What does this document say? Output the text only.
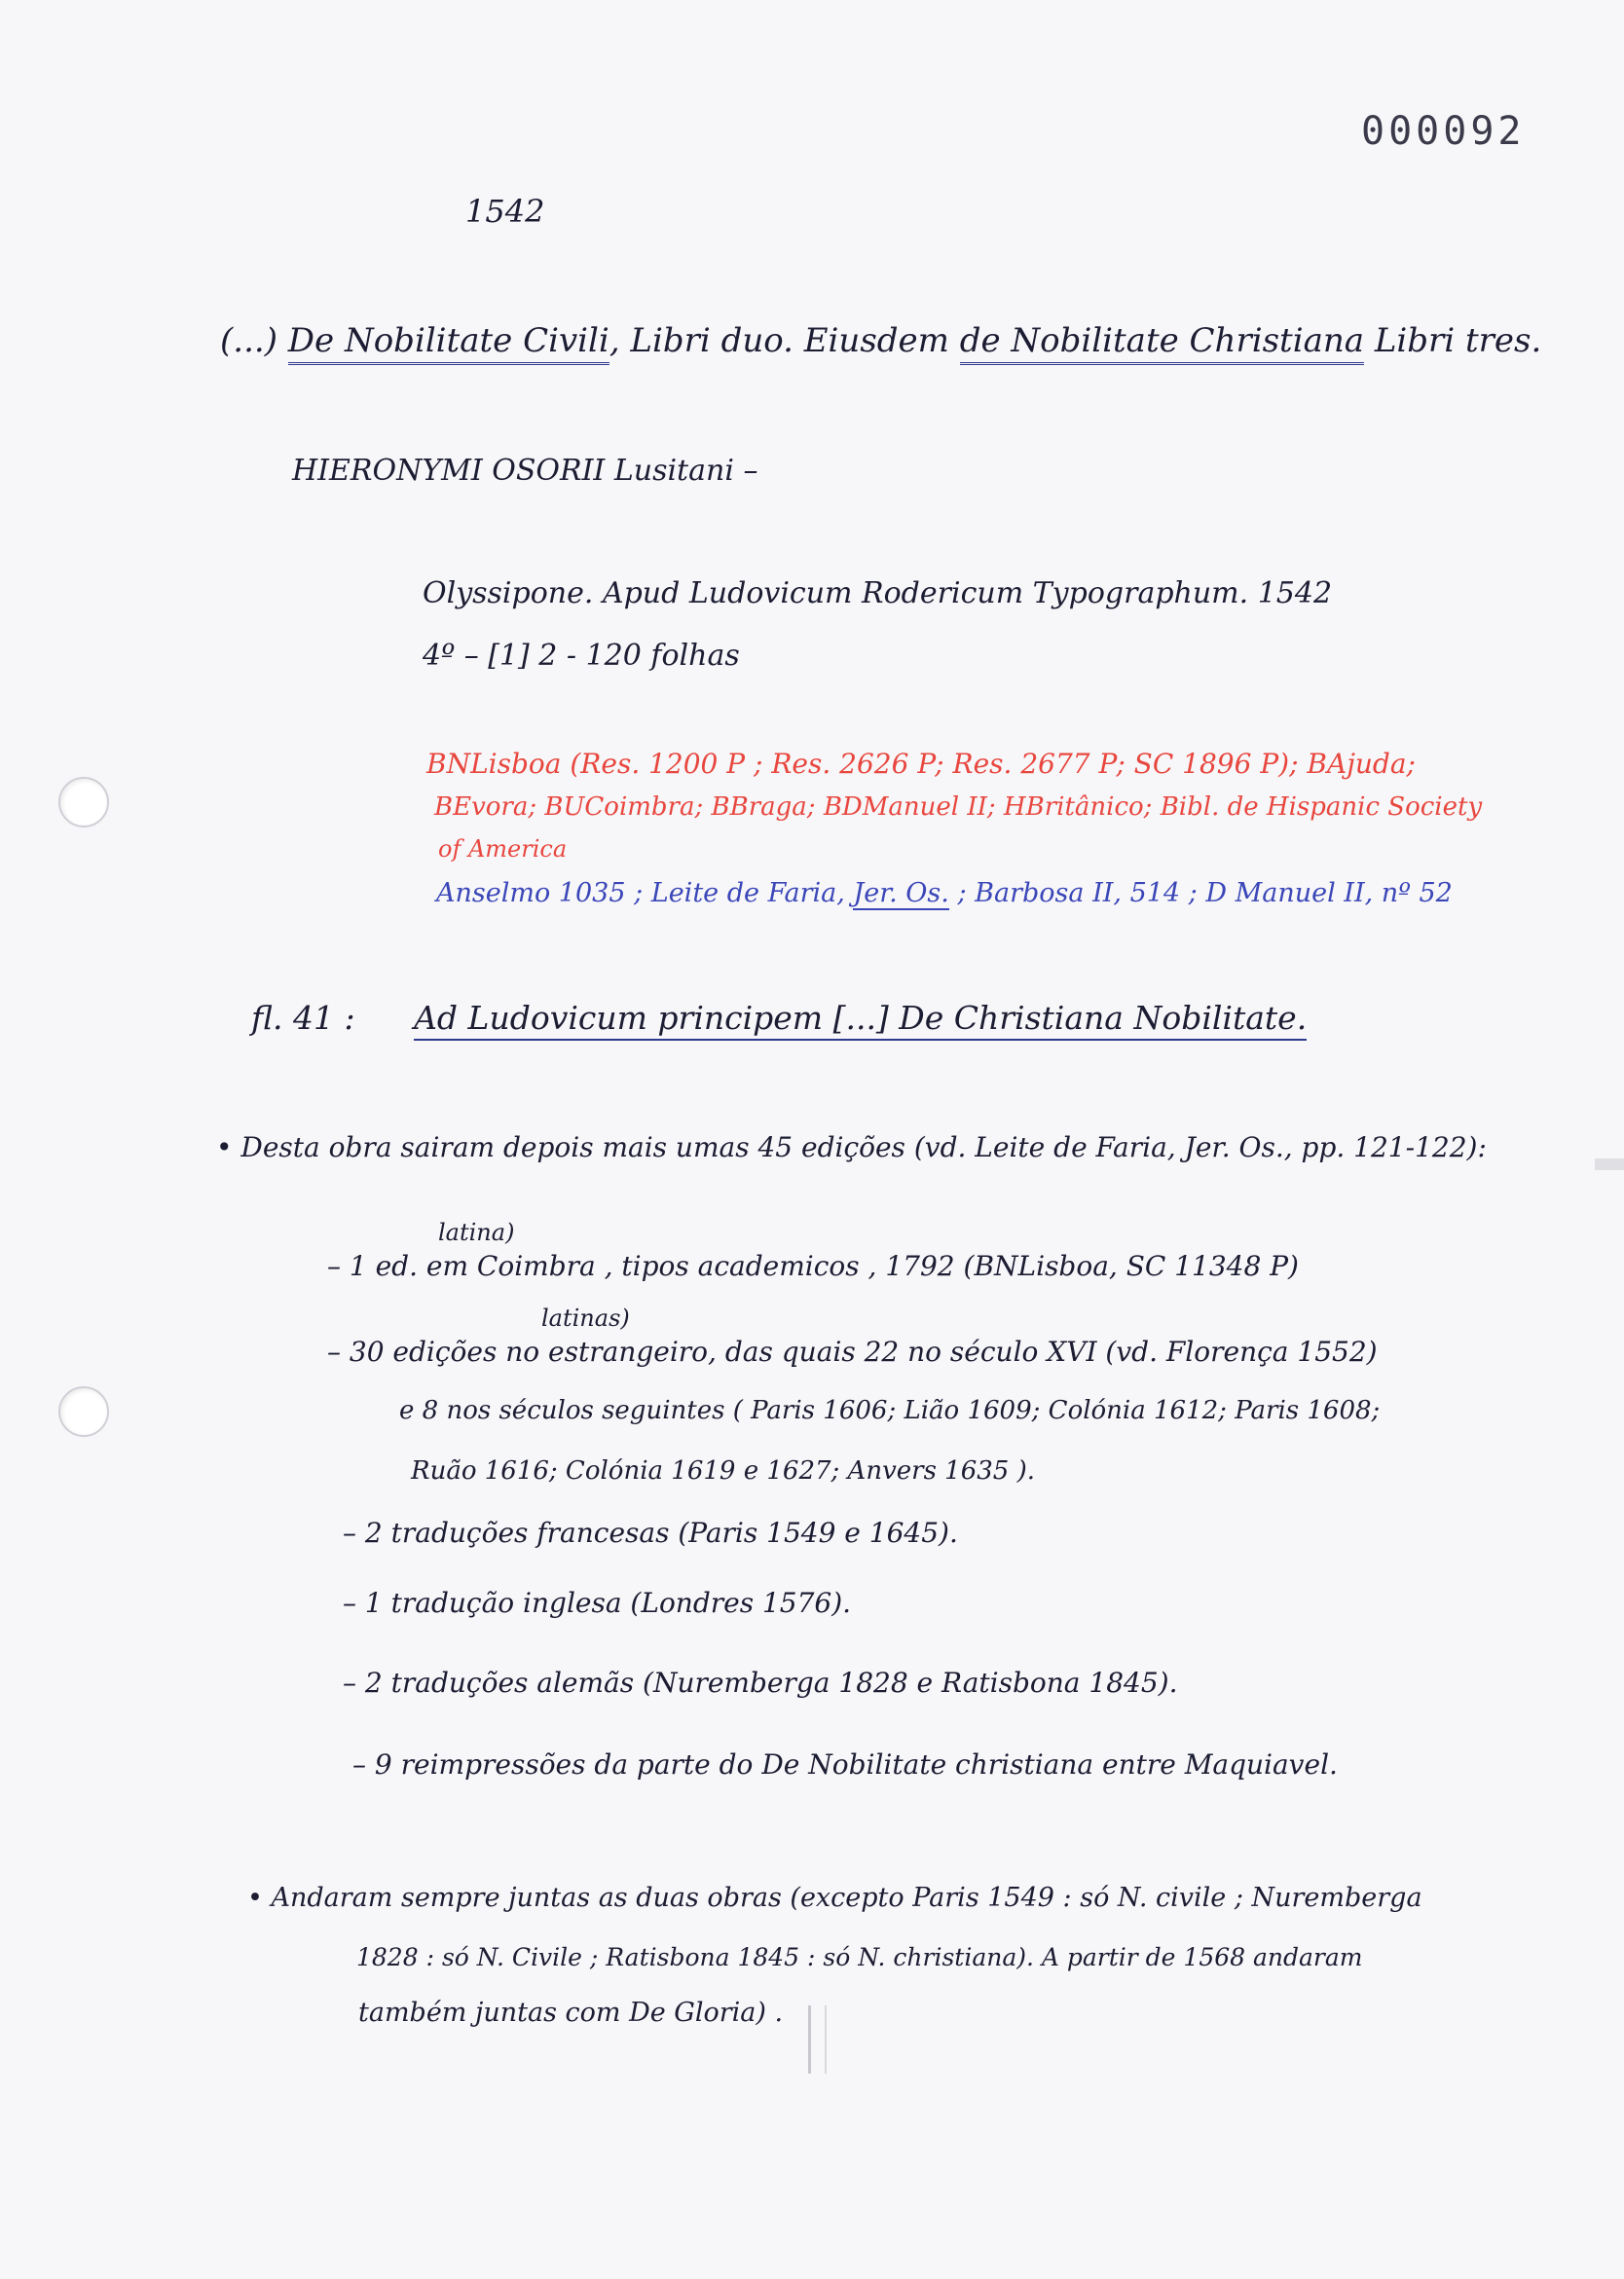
000092
1542
(...) De Nobilitate Civili, Libri duo. Eiusdem de Nobilitate Christiana Libri tres.
HIERONYMI OSORII Lusitani –
Olyssipone. Apud Ludovicum Rodericum Typographum. 1542
4º – [1] 2 - 120 folhas
BNLisboa (Res. 1200 P ; Res. 2626 P; Res. 2677 P; SC 1896 P); BAjuda;
BEvora; BUCoimbra; BBraga; BDManuel II; HBritânico; Bibl. de Hispanic Society
of America
Anselmo 1035 ; Leite de Faria, Jer. Os. ; Barbosa II, 514 ; D Manuel II, nº 52
fl. 41 : Ad Ludovicum principem [...] De Christiana Nobilitate.
• Desta obra sairam depois mais umas 45 edições (vd. Leite de Faria, Jer. Os., pp. 121-122):
latina)
– 1 ed. em Coimbra , tipos academicos , 1792 (BNLisboa, SC 11348 P)
latinas)
– 30 edições no estrangeiro, das quais 22 no século XVI (vd. Florença 1552)
e 8 nos séculos seguintes ( Paris 1606; Lião 1609; Colónia 1612; Paris 1608;
Ruão 1616; Colónia 1619 e 1627; Anvers 1635 ).
– 2 traduções francesas (Paris 1549 e 1645).
– 1 tradução inglesa (Londres 1576).
– 2 traduções alemãs (Nuremberga 1828 e Ratisbona 1845).
– 9 reimpressões da parte do De Nobilitate christiana entre Maquiavel.
• Andaram sempre juntas as duas obras (excepto Paris 1549 : só N. civile ; Nuremberga
1828 : só N. Civile ; Ratisbona 1845 : só N. christiana). A partir de 1568 andaram
também juntas com De Gloria) .
